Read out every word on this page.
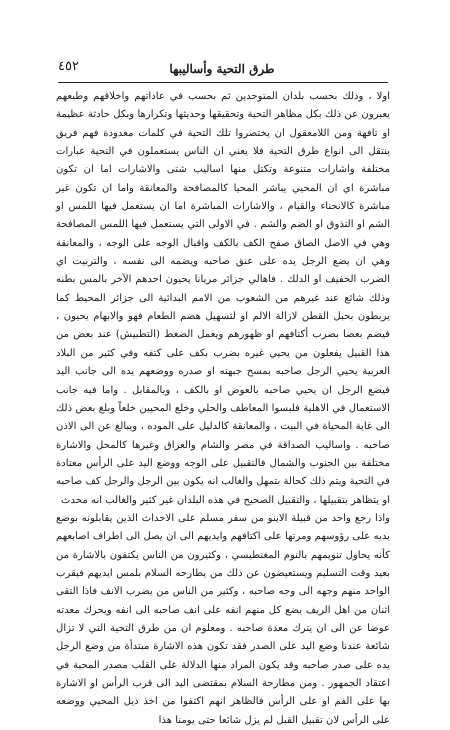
طرق التحية وأساليبها
٤٥٢

اولا ، وذلك بحسب بلدان المتوحدين ثم بحسب في عاداتهم واخلاقهم وطبعهم يعبرون عن ذلك بكل مظاهر التحية وتحقيقها وحديثها وتكرارها وبكل حادثة عظيمة او تافهة ومن اللامعقول ان يختصروا تلك التحية في كلمات معدودة فهم فريق بنتقل الى انواع طرق التحية فلا يعني ان الناس يستعملون في التحية عبارات مختلفة واشارات متنوعة وتكتل منها اساليب شتى والاشارات اما ان تكون مباشرة اي ان المحيي يباشر المحيا كالمصافحة والمعانقة واما ان تكون غير مباشرة كالانحناء والقيام ، والاشارات المباشرة اما ان يستعمل فيها اللمس او الشم او التذوق او الضم والشم . في الاولى التي يستعمل فيها اللمس المصافحة وهي في الاصل الصاق صفح الكف بالكف واقبال الوجه على الوجه ، والمعانقة وهي ان يضع الرجل يده على عنق صاحبه ويضمه الى نفسه ، والتربيت اي الضرب الخفيف او الدلك . فاهالي جزائر مريانا يحيون احدهم الآخر بالمس بطنه وذلك شائع عند غيرهم من الشعوب من الامم البدائية الى جزائر المحيط كما يربطون بحبل القطن لازالة الالم او لتسهيل هضم الطعام فهو والابهام يحيون ، فيضم بعضا بضرب أكتافهم او ظهورهم ويعمل الضغط (التطبيش) عند بعض من هذا القبيل يفعلون من يحيي غيره بضرب بكف على كتفه وفي كثير من البلاد العربية يحيي الرجل صاحبه بمسح جبهته او صدره ووضعهم يده الى جانب اليد فيضع الرجل ان يحيي صاحبه بالعوض او بالكف ، وبالمقابل . واما فيه جانب الاستعمال في الاهلية فلبسوا المعاطف والحلي وخلع المحيين خلعاً وبلغ بعض ذلك الى غاية المحياة في البيت ، والمعانقة كالدليل على الموده ، ويبالغ عن الى الاذن صاحبه . واساليب الصداقة في مصر والشام والعراق وغيرها كالمحل والاشارة مختلفة بين الجنوب والشمال فالتقبيل على الوجه ووضع اليد على الرأس معتادة في التحية ويتم ذلك كحالة بتمهل والغالب انه يكون بين الرجل والرجل كف صاحبه او يتظاهر بتقبيلها ، والتقبيل الصحيح في هذه البلدان غير كثير والغالب انه محدث

واذا رجع واحد من قبيلة الاينو من سفر مسلم على الاحداث الذين يقابلونه بوضع يديه على رؤوسهم ومرتها على اكتافهم وايديهم الى ان يصل الى اطراف اصابعهم كأنه يحاول تنويمهم بالنوم المغنطيسي ، وكثيرون من الناس يكتفون بالاشارة من بعيد وقت التسليم ويستعيضون عن ذلك من يطارحه السلام بلمس ايديهم فيقرب الواحد منهم وجهه الى وجه صاحبه ، وكثير من الناس من يضرب الانف فاذا التقى اثنان من اهل الريف يضع كل منهم انفه على انف صاحبه الى انفه ويحرك معدته عوضا عن الى ان يترك معدة صاحبه . ومعلوم ان من طرق التحية التي لا تزال شائعة عندنا وضع اليد على الصدر فقد تكون هذه الاشارة مبتدأة من وضع الرجل يده على صدر صاحبه وقد يكون المراد منها الدلالة على القلب مصدر المحبة في اعتقاد الجمهور . ومن مطارحة السلام بمقتضى اليد الى قرب الرأس او الاشارة بها على الفم او على الرأس فالظاهر انهم اكتفوا من اخذ ذيل المحيي ووضعه على الرأس لان تقبيل القبل لم يزل شائعا حتى يومنا هذا
